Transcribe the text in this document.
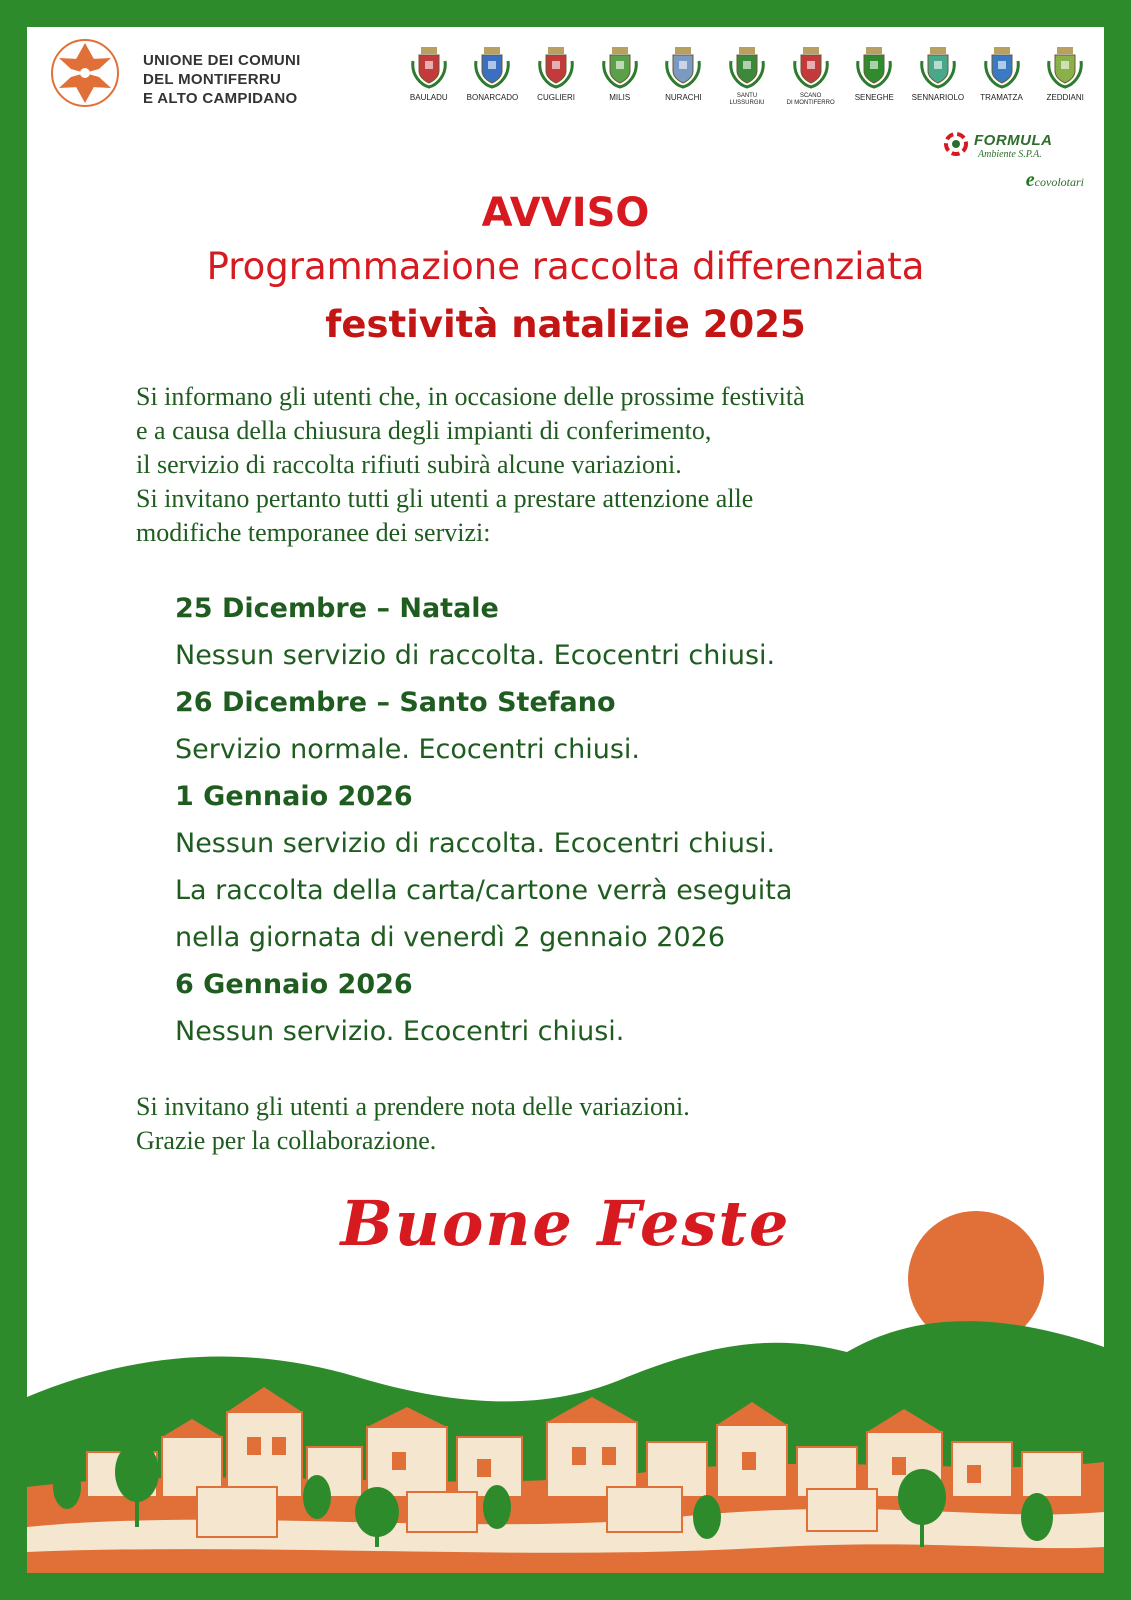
UNIONE DEI COMUNI
DEL MONTIFERRU
E ALTO CAMPIDANO	BAULADU	BONARCADO	CUGLIERI	MILIS	NURACHI	SANTU
LUSSURGIU
SCANO
DI MONTIFERRO
SENEGHE	SENNARIOLO	TRAMATZA	ZEDDIANI
FORMULA
Ambiente S.P.A.
ecovolotari
AVVISO
Programmazione raccolta differenziata
festività natalizie 2025
Si informano gli utenti che, in occasione delle prossime festività
e a causa della chiusura degli impianti di conferimento,
il servizio di raccolta rifiuti subirà alcune variazioni.
Si invitano pertanto tutti gli utenti a prestare attenzione alle
modifiche temporanee dei servizi:

25 Dicembre – Natale

Nessun servizio di raccolta. Ecocentri chiusi.

26 Dicembre – Santo Stefano

Servizio normale. Ecocentri chiusi.

1 Gennaio 2026

Nessun servizio di raccolta. Ecocentri chiusi.

La raccolta della carta/cartone verrà eseguita

nella giornata di venerdì 2 gennaio 2026

6 Gennaio 2026

Nessun servizio. Ecocentri chiusi.

Si invitano gli utenti a prendere nota delle variazioni.
Grazie per la collaborazione.

Buone Feste
